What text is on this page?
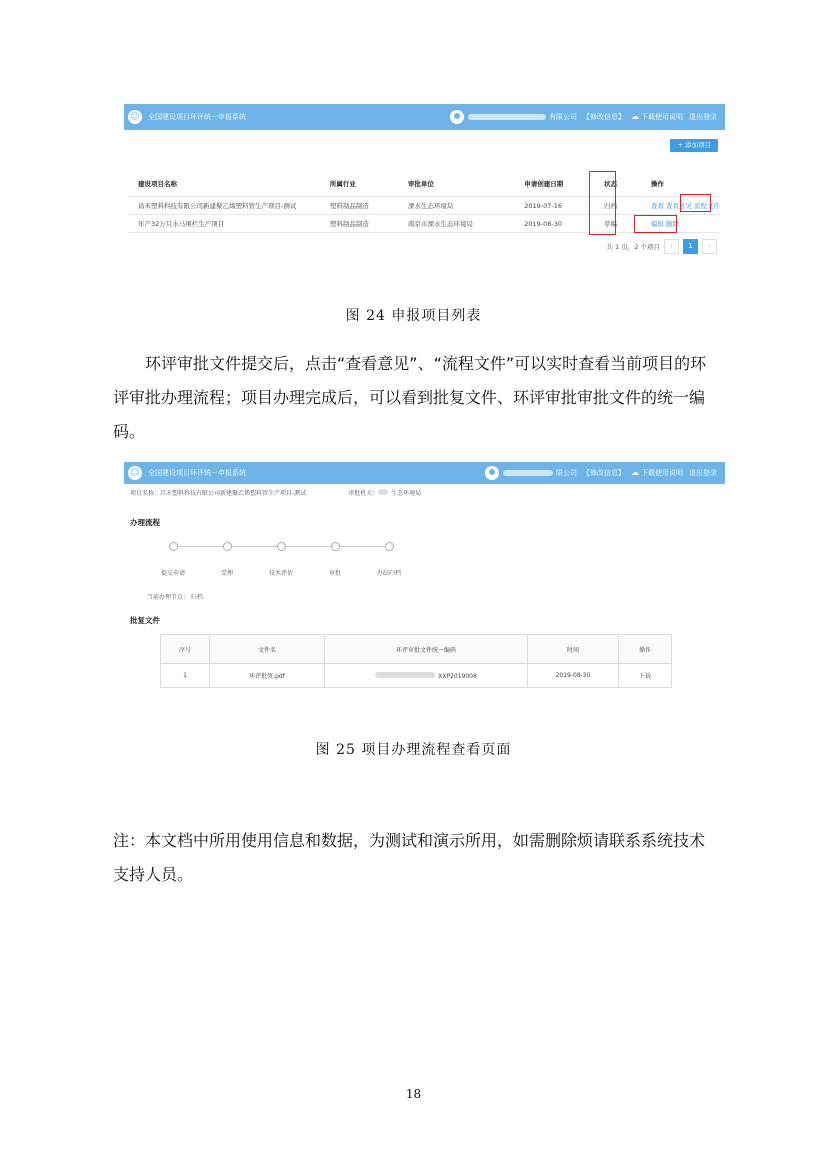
☺	全国建设项目环评统一申报系统	有限公司 【修改信息】 ☁ 下载使用说明 退出登录
+ 添加项目
建设项目名称	所属行业	审批单位	申请创建日期	状态	操作
昌禾塑料科技有限公司新建聚乙烯塑料管生产项目-测试	塑料制品制造	溧水生态环境局	2019-07-16	归档	查看 查看意见 流程文件
年产32万只水马围栏生产项目	塑料制品制造	南京市溧水生态环境局	2019-08-30	草稿	编辑 删除
共 1 页，2 个项目	‹	1	›
图 24 申报项目列表

环评审批文件提交后，点击“查看意见”、“流程文件”可以实时查看当前项目的环评审批办理流程；项目办理完成后，可以看到批复文件、环评审批审批文件的统一编码。

☺	全国建设项目环评统一申报系统	限公司 【修改信息】 ☁ 下载使用说明 退出登录
项目名称：昌禾塑料科技有限公司新建聚乙烯塑料管生产项目-测试	审批机关： 生态环境局
办理流程
提交申请	受理	技术评估	审批	办结归档
当前办理节点： 归档
批复文件
序号	文件名	环评审批文件统一编码	时间	操作	
1	环评批复.pdf	XXP2019008	2019-08-30	下载	
图 25 项目办理流程查看页面

注：本文档中所用使用信息和数据，为测试和演示所用，如需删除烦请联系系统技术支持人员。

18
